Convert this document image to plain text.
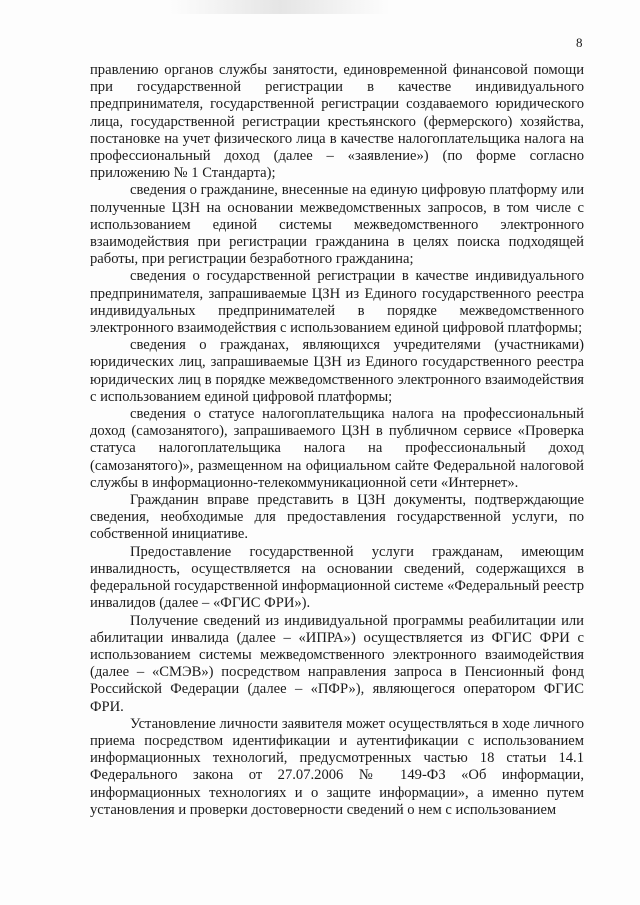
8

правлению органов службы занятости, единовременной финансовой помощи при государственной регистрации в качестве индивидуального предпринимателя, государственной регистрации создаваемого юридического лица, государственной регистрации крестьянского (фермерского) хозяйства, постановке на учет физического лица в качестве налогоплательщика налога на профессиональный доход (далее – «заявление») (по форме согласно приложению № 1 Стандарта);

сведения о гражданине, внесенные на единую цифровую платформу или полученные ЦЗН на основании межведомственных запросов, в том числе с использованием единой системы межведомственного электронного взаимодействия при регистрации гражданина в целях поиска подходящей работы, при регистрации безработного гражданина;

сведения о государственной регистрации в качестве индивидуального предпринимателя, запрашиваемые ЦЗН из Единого государственного реестра индивидуальных предпринимателей в порядке межведомственного электронного взаимодействия с использованием единой цифровой платформы;

сведения о гражданах, являющихся учредителями (участниками) юридических лиц, запрашиваемые ЦЗН из Единого государственного реестра юридических лиц в порядке межведомственного электронного взаимодействия с использованием единой цифровой платформы;

сведения о статусе налогоплательщика налога на профессиональный доход (самозанятого), запрашиваемого ЦЗН в публичном сервисе «Проверка статуса налогоплательщика налога на профессиональный доход (самозанятого)», размещенном на официальном сайте Федеральной налоговой службы в информационно-телекоммуникационной сети «Интернет».

Гражданин вправе представить в ЦЗН документы, подтверждающие сведения, необходимые для предоставления государственной услуги, по собственной инициативе.

Предоставление государственной услуги гражданам, имеющим инвалидность, осуществляется на основании сведений, содержащихся в федеральной государственной информационной системе «Федеральный реестр инвалидов (далее – «ФГИС ФРИ»).

Получение сведений из индивидуальной программы реабилитации или абилитации инвалида (далее – «ИПРА») осуществляется из ФГИС ФРИ с использованием системы межведомственного электронного взаимодействия (далее – «СМЭВ») посредством направления запроса в Пенсионный фонд Российской Федерации (далее – «ПФР»), являющегося оператором ФГИС ФРИ.

Установление личности заявителя может осуществляться в ходе личного приема посредством идентификации и аутентификации с использованием информационных технологий, предусмотренных частью 18 статьи 14.1 Федерального закона от 27.07.2006 № 149-ФЗ «Об информации, информационных технологиях и о защите информации», а именно путем установления и проверки достоверности сведений о нем с использованием
